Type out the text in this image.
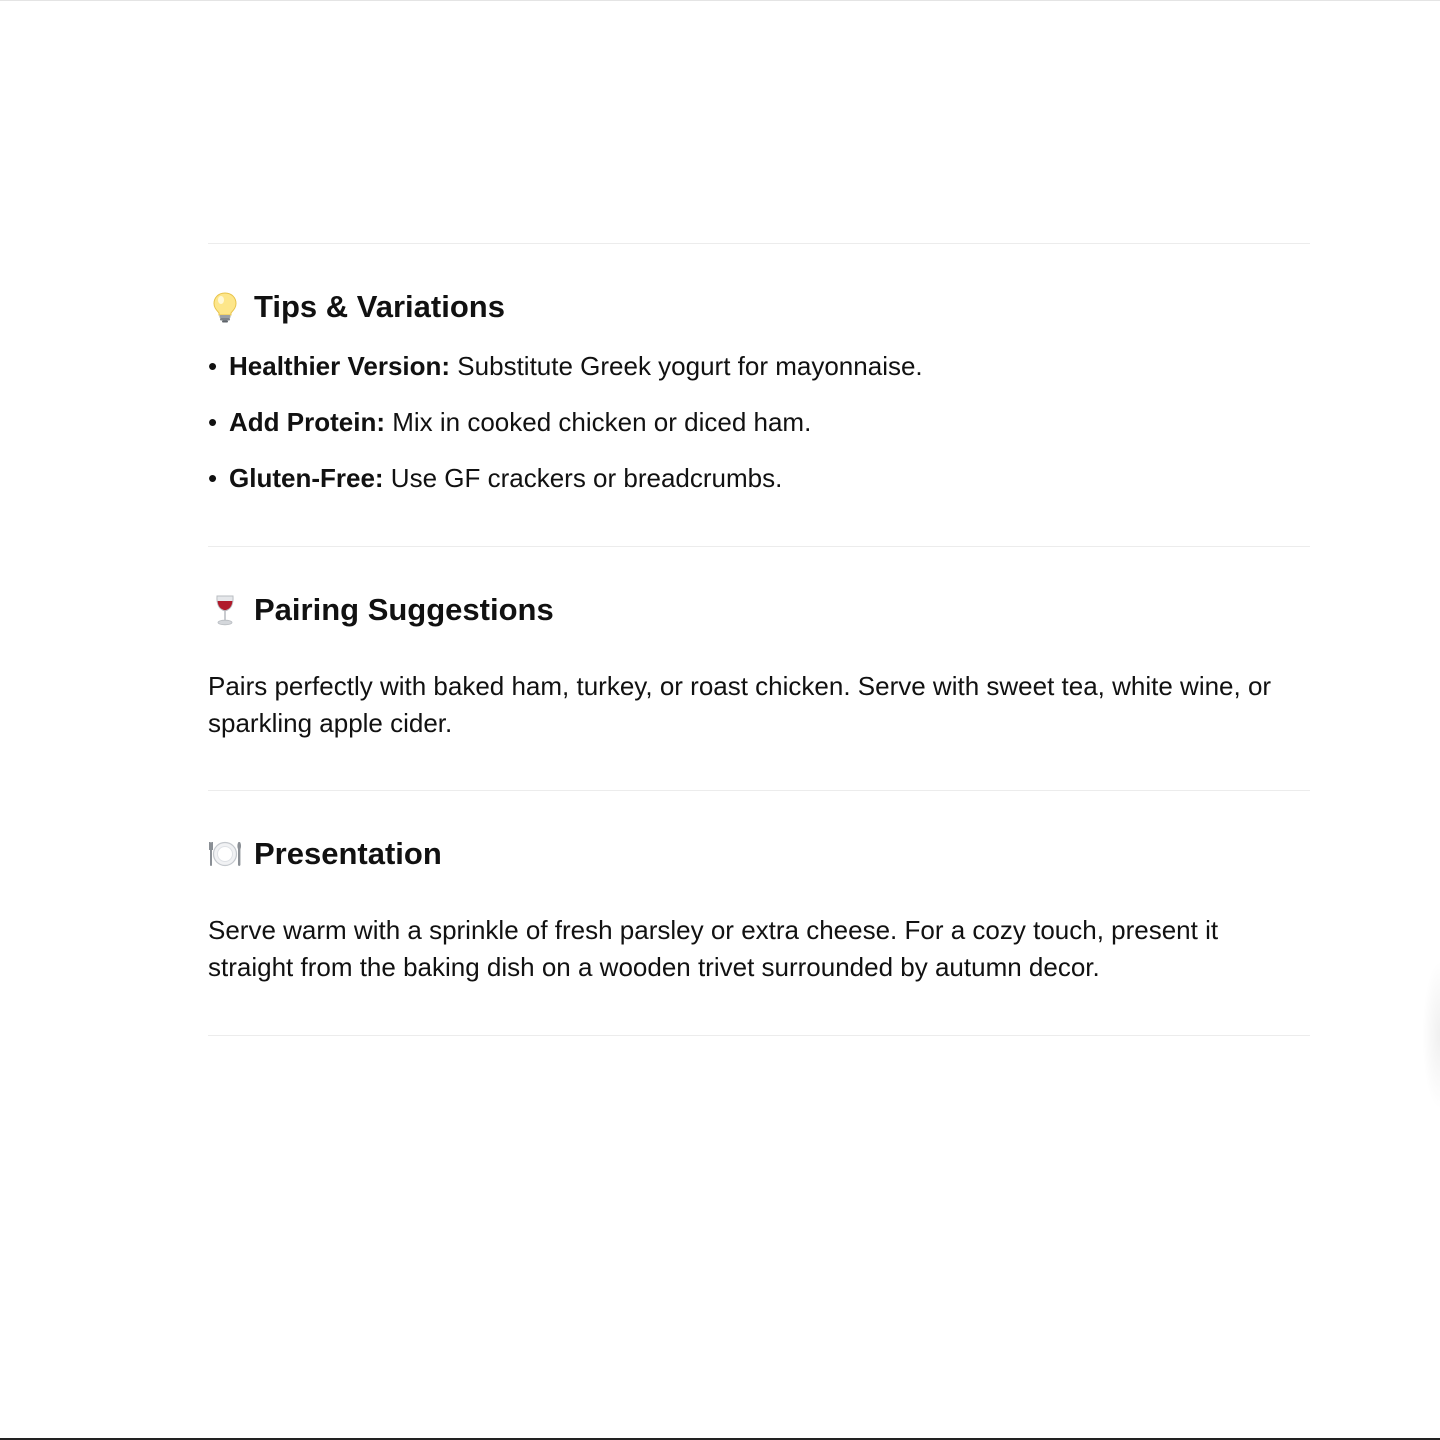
Tips & Variations
• Healthier Version: Substitute Greek yogurt for mayonnaise.
• Add Protein: Mix in cooked chicken or diced ham.
• Gluten-Free: Use GF crackers or breadcrumbs.
Pairing Suggestions
Pairs perfectly with baked ham, turkey, or roast chicken. Serve with sweet tea, white wine, or sparkling apple cider.
Presentation
Serve warm with a sprinkle of fresh parsley or extra cheese. For a cozy touch, present it straight from the baking dish on a wooden trivet surrounded by autumn decor.
